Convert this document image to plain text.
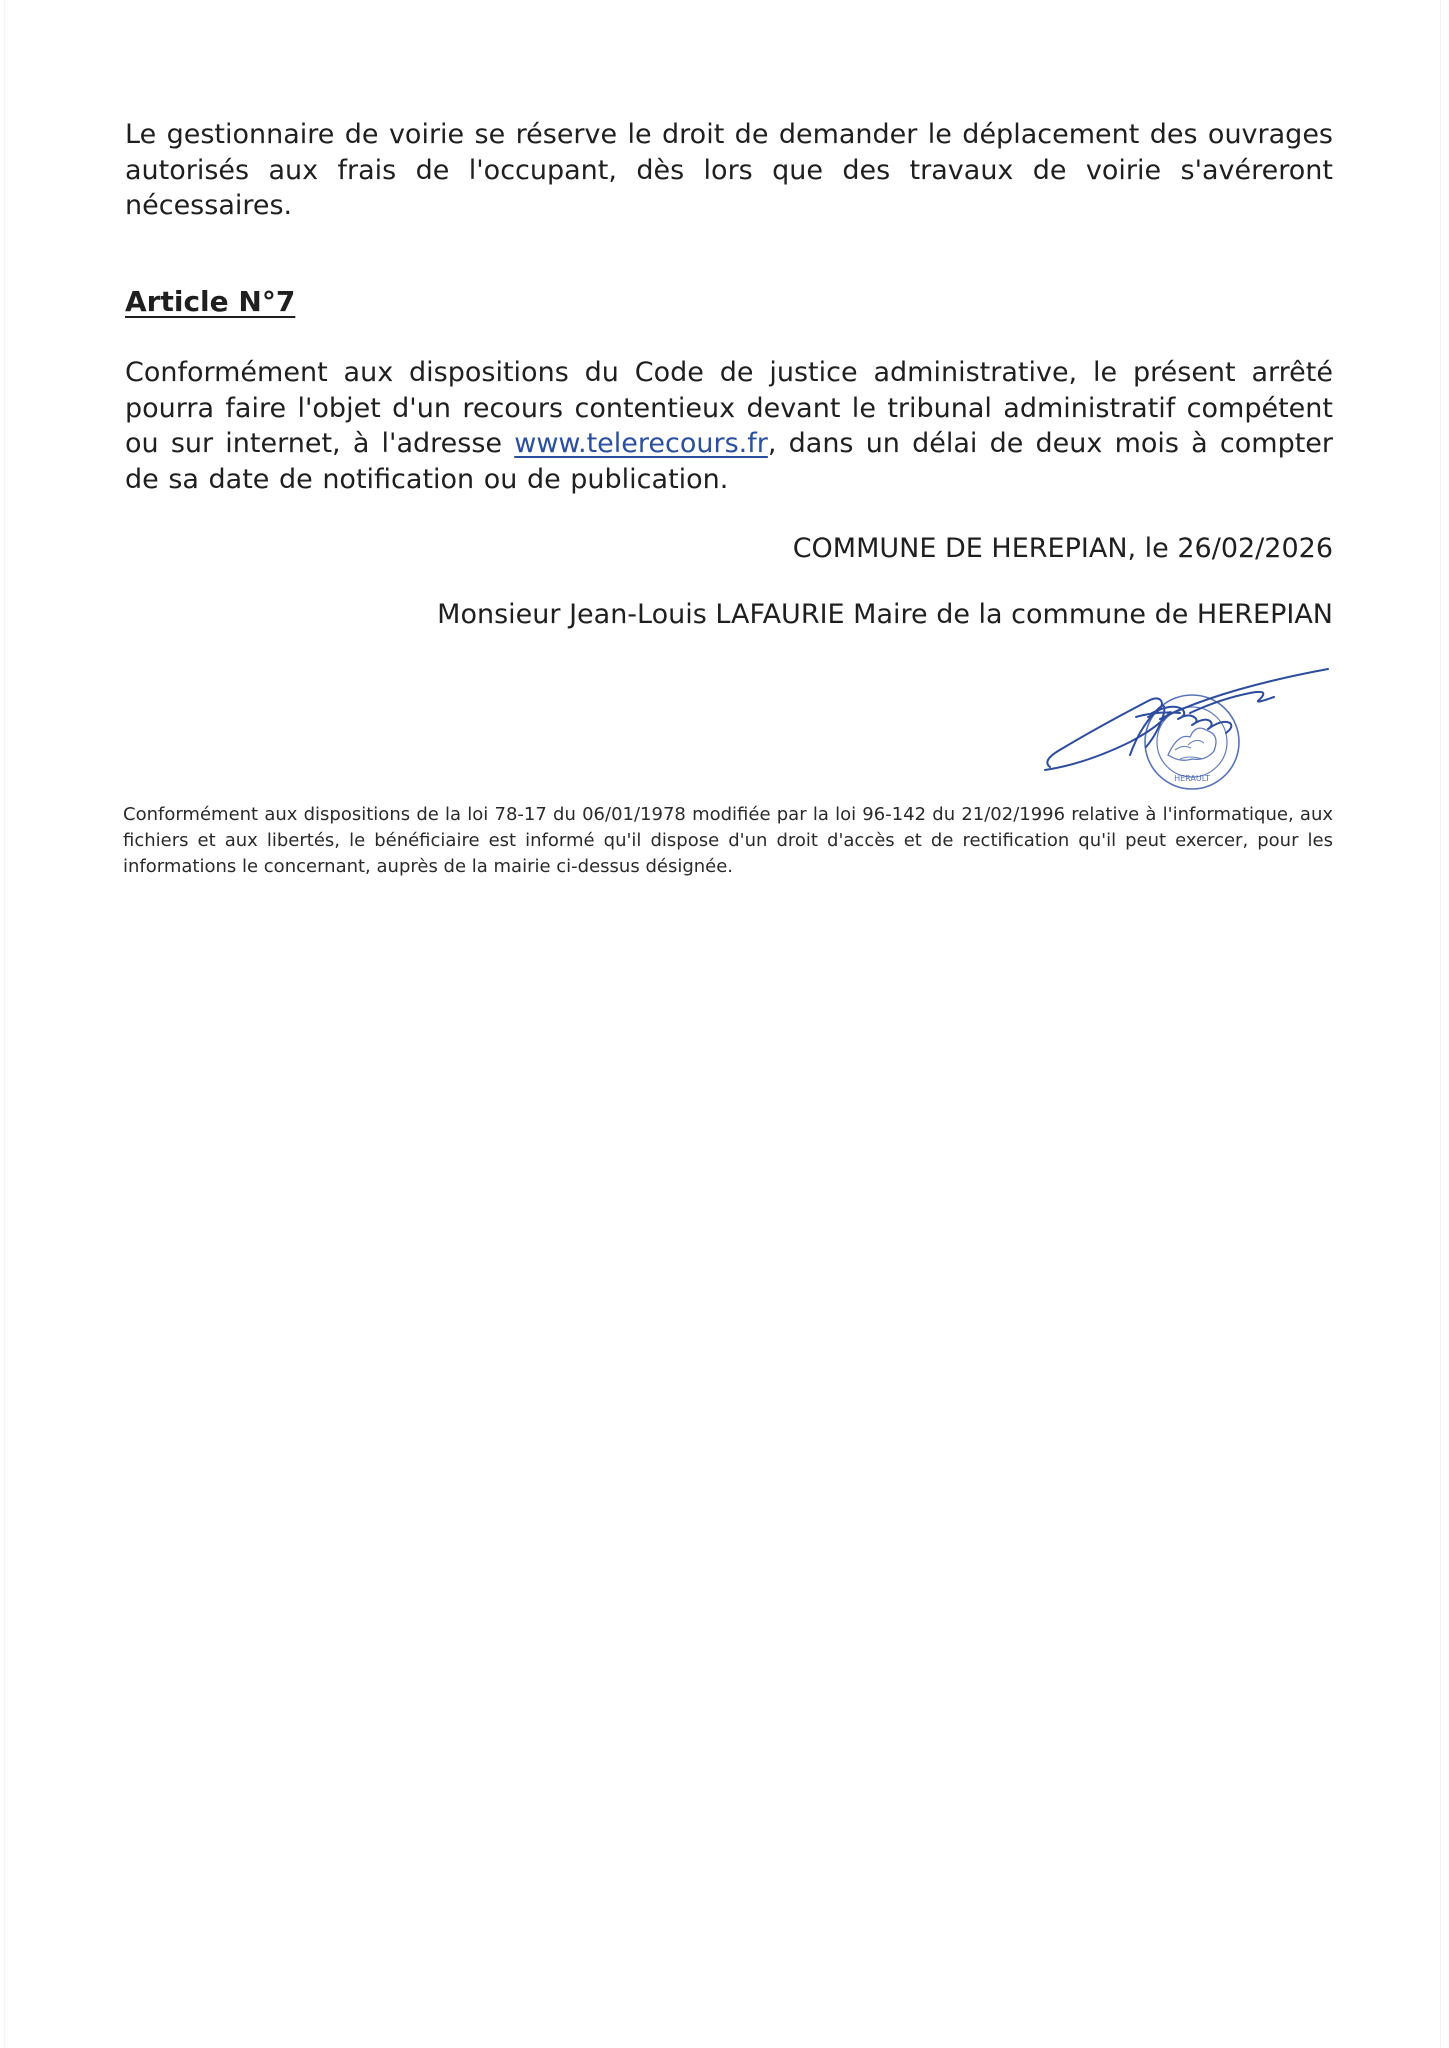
Le gestionnaire de voirie se réserve le droit de demander le déplacement des ouvrages autorisés aux frais de l'occupant, dès lors que des travaux de voirie s'avéreront nécessaires.

Article N°7

Conformément aux dispositions du Code de justice administrative, le présent arrêté pourra faire l'objet d'un recours contentieux devant le tribunal administratif compétent ou sur internet, à l'adresse www.telerecours.fr, dans un délai de deux mois à compter de sa date de notification ou de publication.

COMMUNE DE HEREPIAN, le 26/02/2026

Monsieur Jean-Louis LAFAURIE Maire de la commune de HEREPIAN

HERAULT

Conformément aux dispositions de la loi 78-17 du 06/01/1978 modifiée par la loi 96-142 du 21/02/1996 relative à l'informatique, aux fichiers et aux libertés, le bénéficiaire est informé qu'il dispose d'un droit d'accès et de rectification qu'il peut exercer, pour les informations le concernant, auprès de la mairie ci-dessus désignée.
